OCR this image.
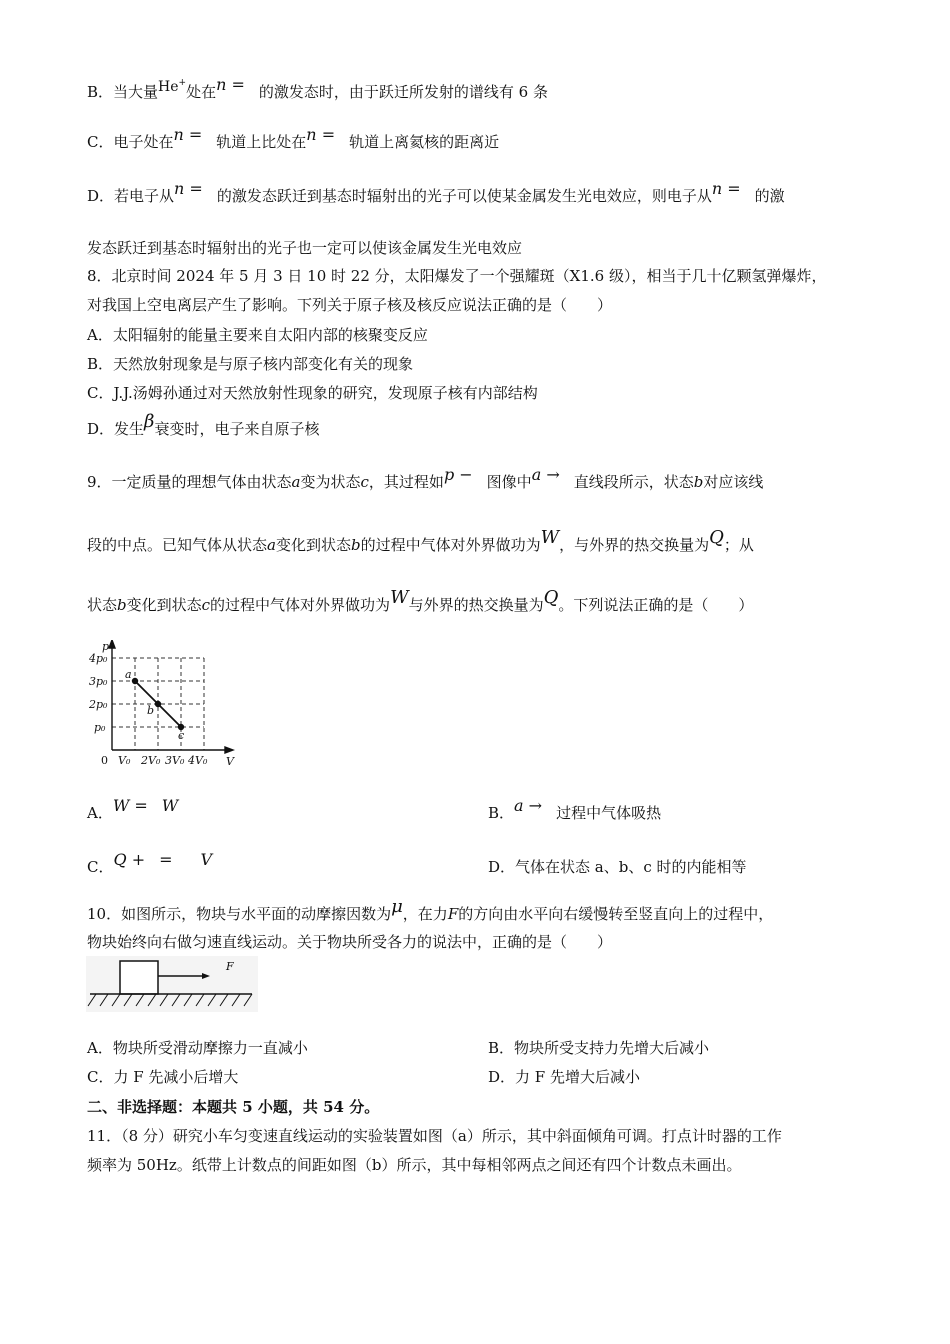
B．当大量He+处在n = 的激发态时，由于跃迁所发射的谱线有 6 条
C．电子处在n = 轨道上比处在n = 轨道上离氦核的距离近
D．若电子从n = 的激发态跃迁到基态时辐射出的光子可以使某金属发生光电效应，则电子从n = 的激
发态跃迁到基态时辐射出的光子也一定可以使该金属发生光电效应
8．北京时间 2024 年 5 月 3 日 10 时 22 分，太阳爆发了一个强耀斑（X1.6 级），相当于几十亿颗氢弹爆炸，
对我国上空电离层产生了影响。下列关于原子核及核反应说法正确的是（　　）
A．太阳辐射的能量主要来自太阳内部的核聚变反应
B．天然放射现象是与原子核内部变化有关的现象
C．J.J.汤姆孙通过对天然放射性现象的研究，发现原子核有内部结构
D．发生β衰变时，电子来自原子核
9．一定质量的理想气体由状态a变为状态c，其过程如p − 图像中a → 直线段所示，状态b对应该线
段的中点。已知气体从状态a变化到状态b的过程中气体对外界做功为W，与外界的热交换量为Q；从
状态b变化到状态c的过程中气体对外界做功为W与外界的热交换量为Q。下列说法正确的是（　　）
p
V
4p₀
3p₀
2p₀
p₀
0 V₀ 2V₀ 3V₀ 4V₀
a
b
c
A．W = W	B．a → 过程中气体吸热
C．Q + = V	D．气体在状态 a、b、c 时的内能相等
10．如图所示，物块与水平面的动摩擦因数为μ，在力F的方向由水平向右缓慢转至竖直向上的过程中，
物块始终向右做匀速直线运动。关于物块所受各力的说法中，正确的是（　　）
F
A．物块所受滑动摩擦力一直减小	B．物块所受支持力先增大后减小
C．力 F 先减小后增大	D．力 F 先增大后减小
二、非选择题：本题共 5 小题，共 54 分。
11．（8 分）研究小车匀变速直线运动的实验装置如图（a）所示，其中斜面倾角可调。打点计时器的工作
频率为 50Hz。纸带上计数点的间距如图（b）所示，其中每相邻两点之间还有四个计数点未画出。
